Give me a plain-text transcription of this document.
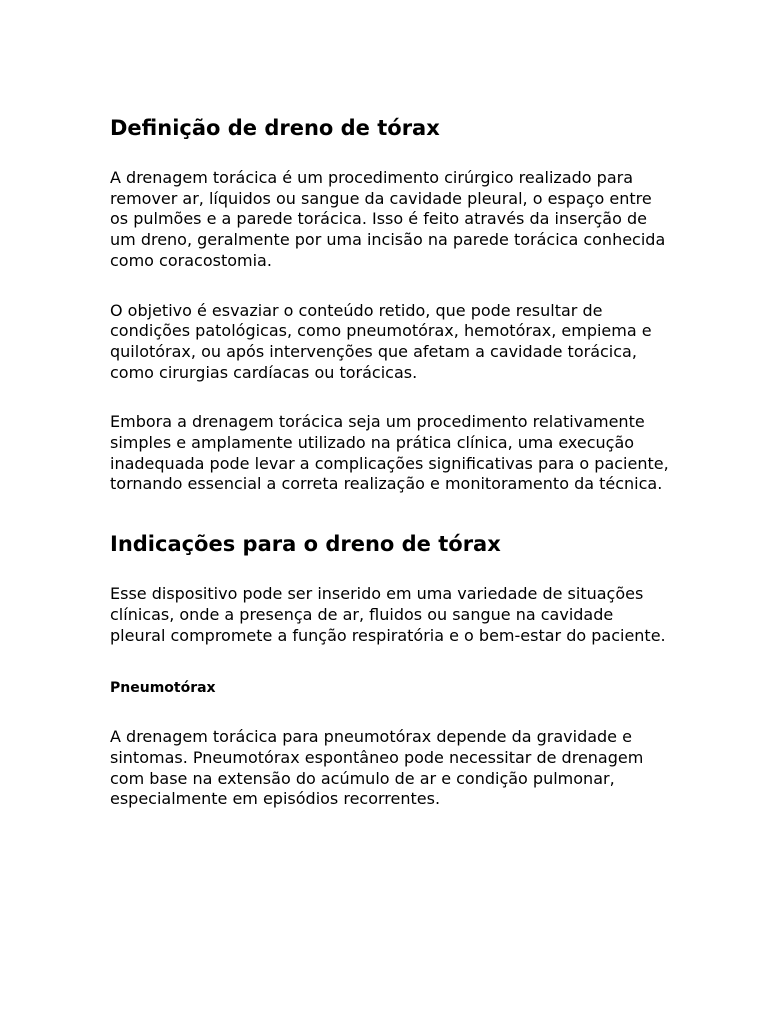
Definição de dreno de tórax

A drenagem torácica é um procedimento cirúrgico realizado para remover ar, líquidos ou sangue da cavidade pleural, o espaço entre os pulmões e a parede torácica. Isso é feito através da inserção de um dreno, geralmente por uma incisão na parede torácica conhecida como coracostomia.

O objetivo é esvaziar o conteúdo retido, que pode resultar de condições patológicas, como pneumotórax, hemotórax, empiema e quilotórax, ou após intervenções que afetam a cavidade torácica, como cirurgias cardíacas ou torácicas.

Embora a drenagem torácica seja um procedimento relativamente simples e amplamente utilizado na prática clínica, uma execução inadequada pode levar a complicações significativas para o paciente, tornando essencial a correta realização e monitoramento da técnica.

Indicações para o dreno de tórax

Esse dispositivo pode ser inserido em uma variedade de situações clínicas, onde a presença de ar, fluidos ou sangue na cavidade pleural compromete a função respiratória e o bem-estar do paciente.

Pneumotórax

A drenagem torácica para pneumotórax depende da gravidade e sintomas. Pneumotórax espontâneo pode necessitar de drenagem com base na extensão do acúmulo de ar e condição pulmonar, especialmente em episódios recorrentes.
